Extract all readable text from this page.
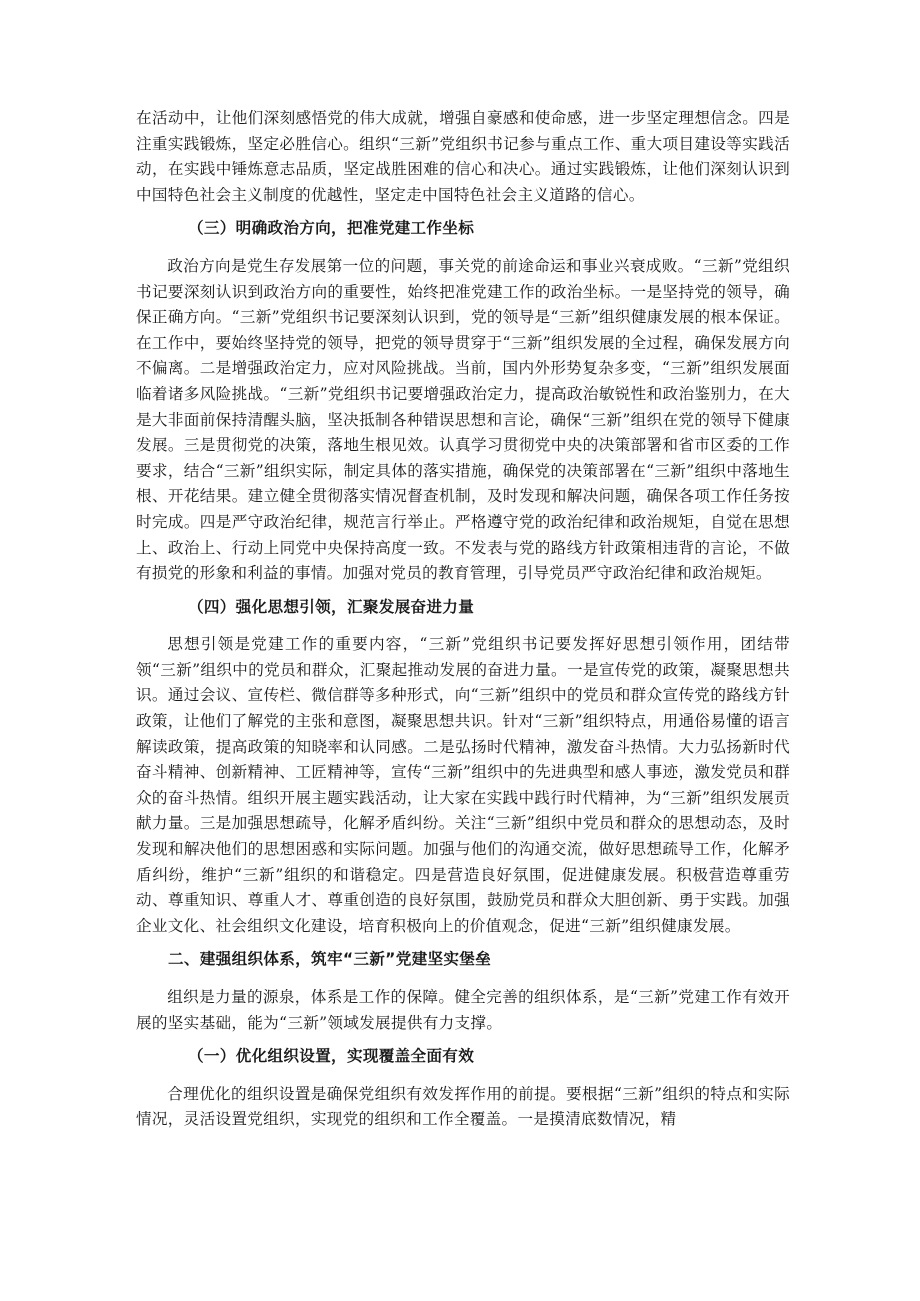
在活动中，让他们深刻感悟党的伟大成就，增强自豪感和使命感，进一步坚定理想信念。四是注重实践锻炼，坚定必胜信心。组织“三新”党组织书记参与重点工作、重大项目建设等实践活动，在实践中锤炼意志品质，坚定战胜困难的信心和决心。通过实践锻炼，让他们深刻认识到中国特色社会主义制度的优越性，坚定走中国特色社会主义道路的信心。

（三）明确政治方向，把准党建工作坐标

政治方向是党生存发展第一位的问题，事关党的前途命运和事业兴衰成败。“三新”党组织书记要深刻认识到政治方向的重要性，始终把准党建工作的政治坐标。一是坚持党的领导，确保正确方向。“三新”党组织书记要深刻认识到，党的领导是“三新”组织健康发展的根本保证。在工作中，要始终坚持党的领导，把党的领导贯穿于“三新”组织发展的全过程，确保发展方向不偏离。二是增强政治定力，应对风险挑战。当前，国内外形势复杂多变，“三新”组织发展面临着诸多风险挑战。“三新”党组织书记要增强政治定力，提高政治敏锐性和政治鉴别力，在大是大非面前保持清醒头脑，坚决抵制各种错误思想和言论，确保“三新”组织在党的领导下健康发展。三是贯彻党的决策，落地生根见效。认真学习贯彻党中央的决策部署和省市区委的工作要求，结合“三新”组织实际，制定具体的落实措施，确保党的决策部署在“三新”组织中落地生根、开花结果。建立健全贯彻落实情况督查机制，及时发现和解决问题，确保各项工作任务按时完成。四是严守政治纪律，规范言行举止。严格遵守党的政治纪律和政治规矩，自觉在思想上、政治上、行动上同党中央保持高度一致。不发表与党的路线方针政策相违背的言论，不做有损党的形象和利益的事情。加强对党员的教育管理，引导党员严守政治纪律和政治规矩。

（四）强化思想引领，汇聚发展奋进力量

思想引领是党建工作的重要内容，“三新”党组织书记要发挥好思想引领作用，团结带领“三新”组织中的党员和群众，汇聚起推动发展的奋进力量。一是宣传党的政策，凝聚思想共识。通过会议、宣传栏、微信群等多种形式，向“三新”组织中的党员和群众宣传党的路线方针政策，让他们了解党的主张和意图，凝聚思想共识。针对“三新”组织特点，用通俗易懂的语言解读政策，提高政策的知晓率和认同感。二是弘扬时代精神，激发奋斗热情。大力弘扬新时代奋斗精神、创新精神、工匠精神等，宣传“三新”组织中的先进典型和感人事迹，激发党员和群众的奋斗热情。组织开展主题实践活动，让大家在实践中践行时代精神，为“三新”组织发展贡献力量。三是加强思想疏导，化解矛盾纠纷。关注“三新”组织中党员和群众的思想动态，及时发现和解决他们的思想困惑和实际问题。加强与他们的沟通交流，做好思想疏导工作，化解矛盾纠纷，维护“三新”组织的和谐稳定。四是营造良好氛围，促进健康发展。积极营造尊重劳动、尊重知识、尊重人才、尊重创造的良好氛围，鼓励党员和群众大胆创新、勇于实践。加强企业文化、社会组织文化建设，培育积极向上的价值观念，促进“三新”组织健康发展。

二、建强组织体系，筑牢“三新”党建坚实堡垒

组织是力量的源泉，体系是工作的保障。健全完善的组织体系，是“三新”党建工作有效开展的坚实基础，能为“三新”领域发展提供有力支撑。

（一）优化组织设置，实现覆盖全面有效

合理优化的组织设置是确保党组织有效发挥作用的前提。要根据“三新”组织的特点和实际情况，灵活设置党组织，实现党的组织和工作全覆盖。一是摸清底数情况，精
